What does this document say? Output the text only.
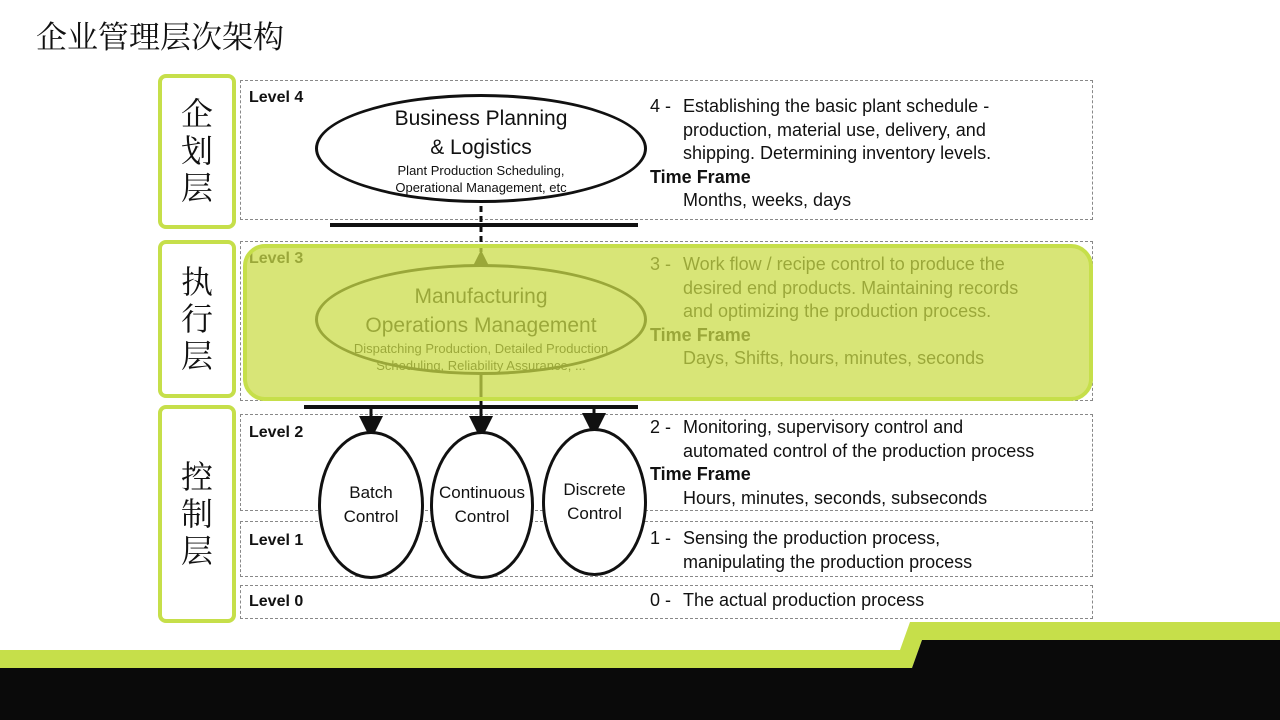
企业管理层次架构
企划层
执行层
控制层
Level 4
Level 2
Level 1
Level 0
Business Planning
& Logistics
Plant Production Scheduling,
Operational Management, etc
Batch
Control
Continuous
Control
Discrete
Control
4 - Establishing the basic plant schedule -
production, material use, delivery, and
shipping. Determining inventory levels.
Time Frame
Months, weeks, days
2 - Monitoring, supervisory control and
automated control of the production process
Time Frame
Hours, minutes, seconds, subseconds
1 - Sensing the production process,
manipulating the production process
0 - The actual production process
